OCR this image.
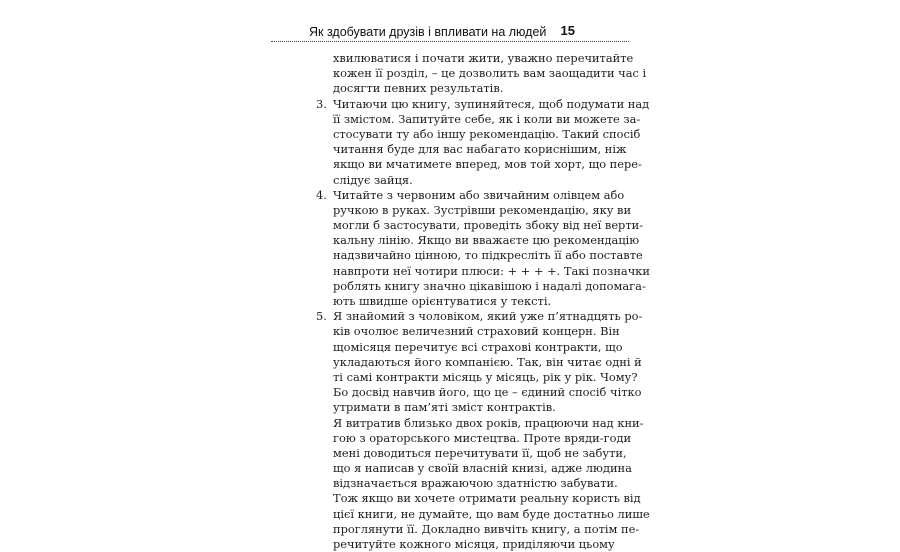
Як здобувати друзів і впливати на людей 15
хвилюватися і почати жити, уважно перечитайте
кожен її розділ, – це дозволить вам заощадити час і
досягти певних результатів.
3. Читаючи цю книгу, зупиняйтеся, щоб подумати над
її змістом. Запитуйте себе, як і коли ви можете за-
стосувати ту або іншу рекомендацію. Такий спосіб
читання буде для вас набагато кориснішим, ніж
якщо ви мчатимете вперед, мов той хорт, що пере-
слідує зайця.
4. Читайте з червоним або звичайним олівцем або
ручкою в руках. Зустрівши рекомендацію, яку ви
могли б застосувати, проведіть збоку від неї верти-
кальну лінію. Якщо ви вважаєте цю рекомендацію
надзвичайно цінною, то підкресліть її або поставте
навпроти неї чотири плюси: + + + +. Такі позначки
роблять книгу значно цікавішою і надалі допомага-
ють швидше орієнтуватися у тексті.
5. Я знайомий з чоловіком, який уже п’ятнадцять ро-
ків очолює величезний страховий концерн. Він
щомісяця перечитує всі страхові контракти, що
укладаються його компанією. Так, він читає одні й
ті самі контракти місяць у місяць, рік у рік. Чому?
Бо досвід навчив його, що це – єдиний спосіб чітко
утримати в пам’яті зміст контрактів.
Я витратив близько двох років, працюючи над кни-
гою з ораторського мистецтва. Проте вряди-годи
мені доводиться перечитувати її, щоб не забути,
що я написав у своїй власній книзі, адже людина
відзначається вражаючою здатністю забувати.
Тож якщо ви хочете отримати реальну користь від
цієї книги, не думайте, що вам буде достатньо лише
проглянути її. Докладно вивчіть книгу, а потім пе-
речитуйте кожного місяця, приділяючи цьому
